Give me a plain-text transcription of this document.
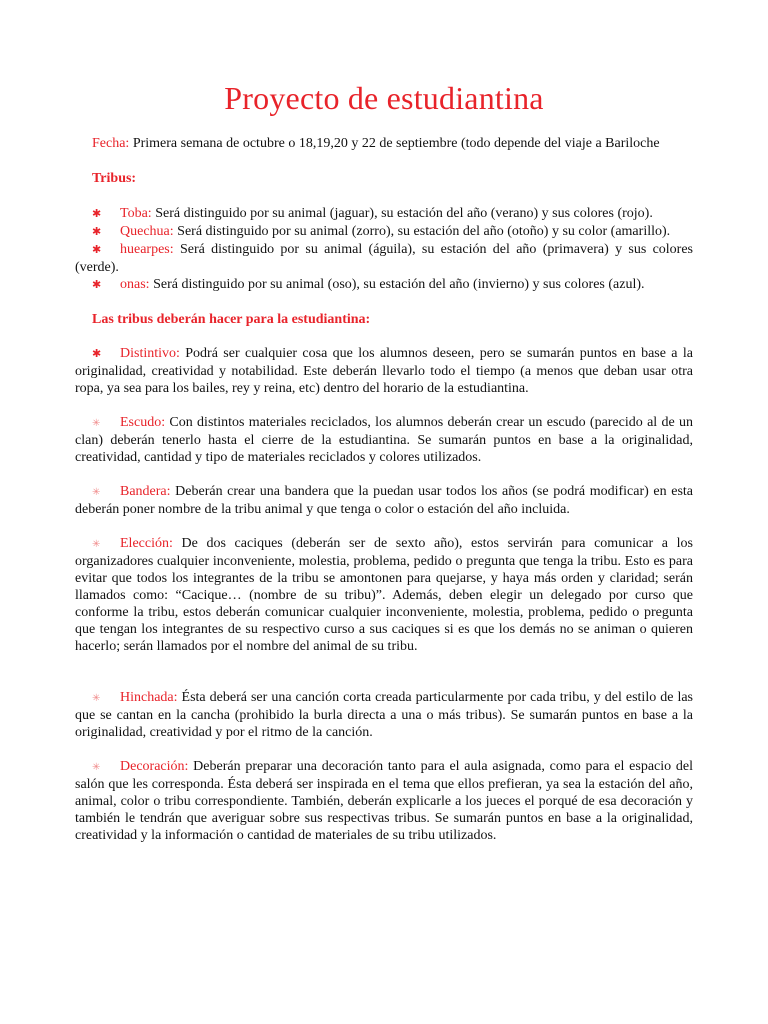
Proyecto de estudiantina

Fecha: Primera semana de octubre o 18,19,20 y 22 de septiembre (todo depende del viaje a Bariloche

Tribus:

✱ Toba: Será distinguido por su animal (jaguar), su estación del año (verano) y sus colores (rojo).

✱ Quechua: Será distinguido por su animal (zorro), su estación del año (otoño) y su color (amarillo).

✱ huearpes: Será distinguido por su animal (águila), su estación del año (primavera) y sus colores (verde).

✱ onas: Será distinguido por su animal (oso), su estación del año (invierno) y sus colores (azul).

Las tribus deberán hacer para la estudiantina:

✱ Distintivo: Podrá ser cualquier cosa que los alumnos deseen, pero se sumarán puntos en base a la originalidad, creatividad y notabilidad. Este deberán llevarlo todo el tiempo (a menos que deban usar otra ropa, ya sea para los bailes, rey y reina, etc) dentro del horario de la estudiantina.

✳ Escudo: Con distintos materiales reciclados, los alumnos deberán crear un escudo (parecido al de un clan) deberán tenerlo hasta el cierre de la estudiantina. Se sumarán puntos en base a la originalidad, creatividad, cantidad y tipo de materiales reciclados y colores utilizados.

✳ Bandera: Deberán crear una bandera que la puedan usar todos los años (se podrá modificar) en esta deberán poner nombre de la tribu animal y que tenga o color o estación del año incluida.

✳ Elección: De dos caciques (deberán ser de sexto año), estos servirán para comunicar a los organizadores cualquier inconveniente, molestia, problema, pedido o pregunta que tenga la tribu. Esto es para evitar que todos los integrantes de la tribu se amontonen para quejarse, y haya más orden y claridad; serán llamados como: “Cacique… (nombre de su tribu)”. Además, deben elegir un delegado por curso que conforme la tribu, estos deberán comunicar cualquier inconveniente, molestia, problema, pedido o pregunta que tengan los integrantes de su respectivo curso a sus caciques si es que los demás no se animan o quieren hacerlo; serán llamados por el nombre del animal de su tribu.

✳ Hinchada: Ésta deberá ser una canción corta creada particularmente por cada tribu, y del estilo de las que se cantan en la cancha (prohibido la burla directa a una o más tribus). Se sumarán puntos en base a la originalidad, creatividad y por el ritmo de la canción.

✳ Decoración: Deberán preparar una decoración tanto para el aula asignada, como para el espacio del salón que les corresponda. Ésta deberá ser inspirada en el tema que ellos prefieran, ya sea la estación del año, animal, color o tribu correspondiente. También, deberán explicarle a los jueces el porqué de esa decoración y también le tendrán que averiguar sobre sus respectivas tribus. Se sumarán puntos en base a la originalidad, creatividad y la información o cantidad de materiales de su tribu utilizados.
